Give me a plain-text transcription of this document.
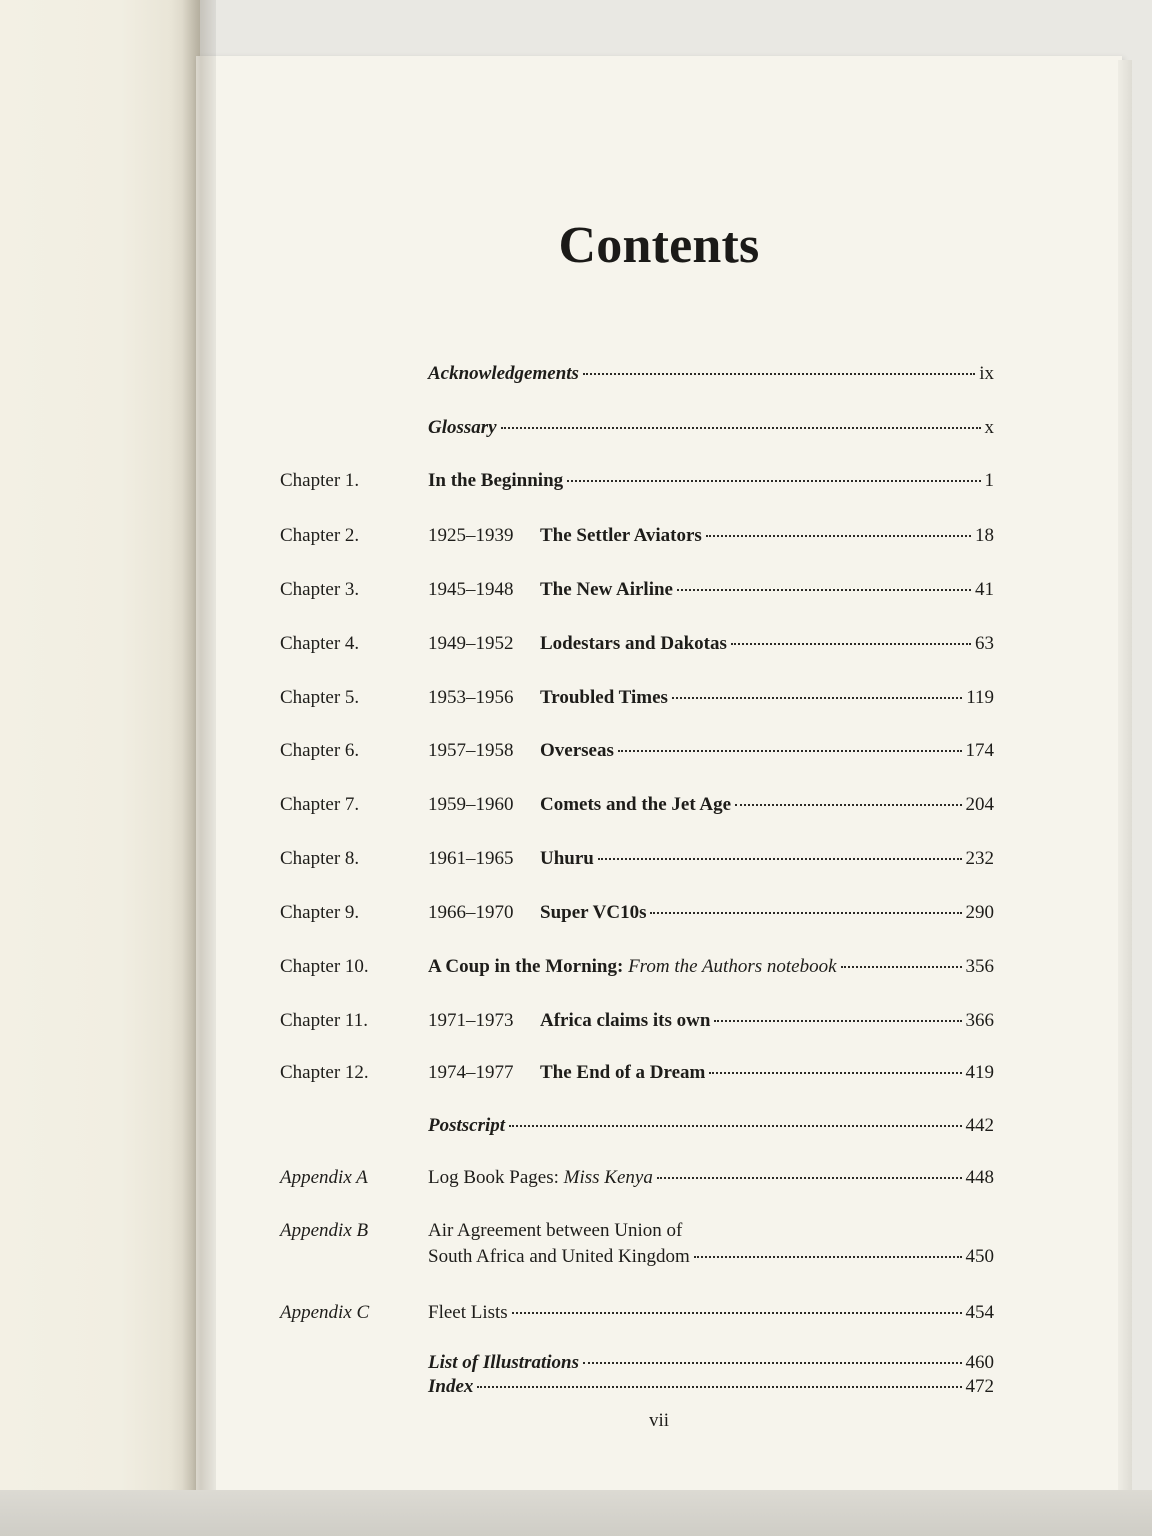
Contents
Acknowledgements	ix
Glossary	x
Chapter 1.	In the Beginning	1
Chapter 2.	1925–1939	The Settler Aviators	18
Chapter 3.	1945–1948	The New Airline	41
Chapter 4.	1949–1952	Lodestars and Dakotas	63
Chapter 5.	1953–1956	Troubled Times	119
Chapter 6.	1957–1958	Overseas	174
Chapter 7.	1959–1960	Comets and the Jet Age	204
Chapter 8.	1961–1965	Uhuru	232
Chapter 9.	1966–1970	Super VC10s	290
Chapter 10.	A Coup in the Morning: From the Authors notebook	356
Chapter 11.	1971–1973	Africa claims its own	366
Chapter 12.	1974–1977	The End of a Dream	419
Postscript	442
Appendix A	Log Book Pages: Miss Kenya	448
Appendix B	Air Agreement between Union of
South Africa and United Kingdom	450
Appendix C	Fleet Lists	454
List of Illustrations	460
Index	472
vii
